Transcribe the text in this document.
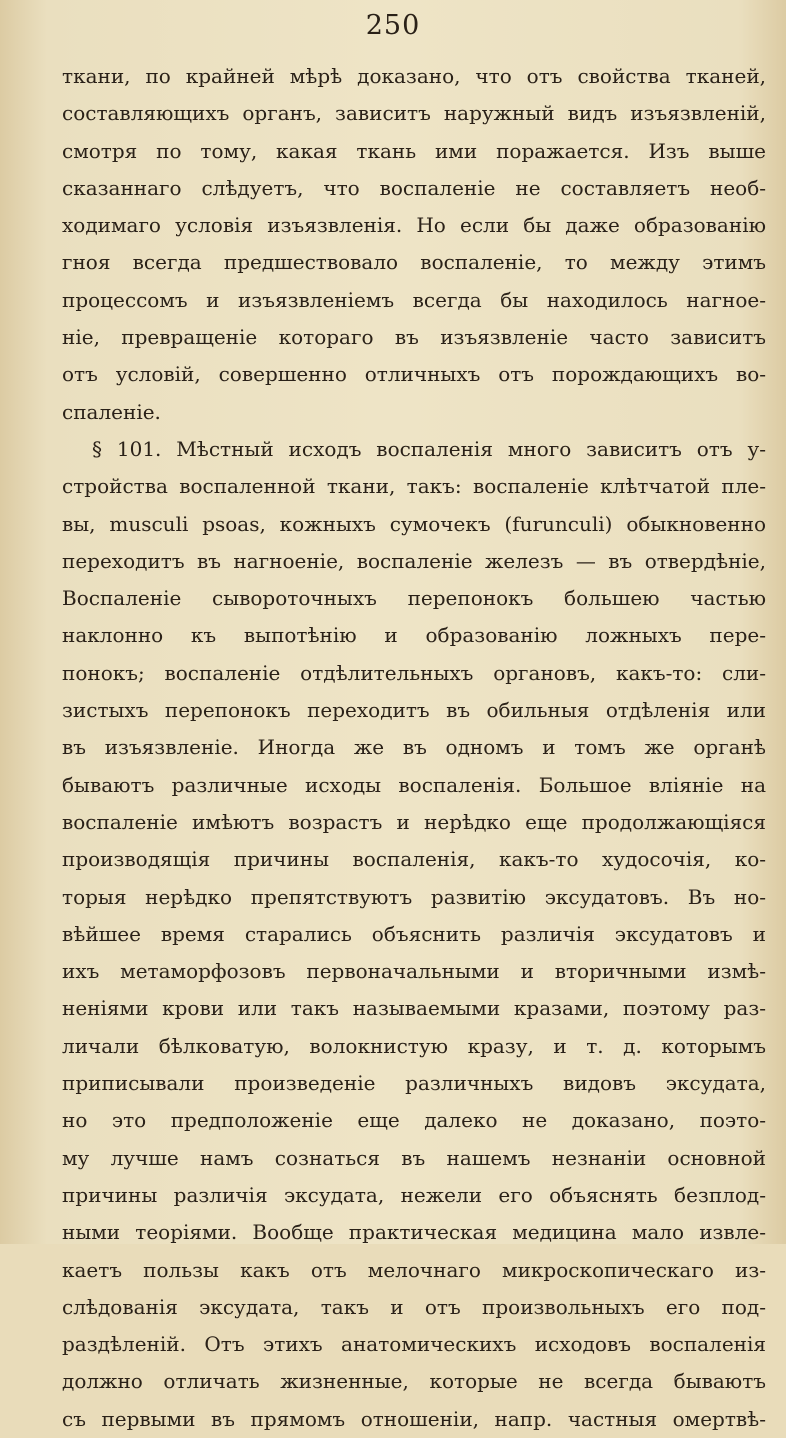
250
ткани, по крайней мѣрѣ доказано, что отъ свойства тканей,
составляющихъ органъ, зависитъ наружный видъ изъязвленій,
смотря по тому, какая ткань ими поражается. Изъ выше
сказаннаго слѣдуетъ, что воспаленіе не составляетъ необ-
ходимаго условія изъязвленія. Но если бы даже образованію
гноя всегда предшествовало воспаленіе, то между этимъ
процессомъ и изъязвленіемъ всегда бы находилось нагное-
ніе, превращеніе котораго въ изъязвленіе часто зависитъ
отъ условій, совершенно отличныхъ отъ порождающихъ во-
спаленіе.
§ 101. Мѣстный исходъ воспаленія много зависитъ отъ у-
стройства воспаленной ткани, такъ: воспаленіе клѣтчатой пле-
вы, musculi psoas, кожныхъ сумочекъ (furunculi) обыкновенно
переходитъ въ нагноеніе, воспаленіе железъ — въ отвердѣніе,
Воспаленіе сывороточныхъ перепонокъ большею частью
наклонно къ выпотѣнію и образованію ложныхъ пере-
понокъ; воспаленіе отдѣлительныхъ органовъ, какъ-то: сли-
зистыхъ перепонокъ переходитъ въ обильныя отдѣленія или
въ изъязвленіе. Иногда же въ одномъ и томъ же органѣ
бываютъ различные исходы воспаленія. Большое вліяніе на
воспаленіе имѣютъ возрастъ и нерѣдко еще продолжающіяся
производящія причины воспаленія, какъ-то худосочія, ко-
торыя нерѣдко препятствуютъ развитію эксудатовъ. Въ но-
вѣйшее время старались объяснить различія эксудатовъ и
ихъ метаморфозовъ первоначальными и вторичными измѣ-
неніями крови или такъ называемыми кразами, поэтому раз-
личали бѣлковатую, волокнистую кразу, и т. д. которымъ
приписывали произведеніе различныхъ видовъ эксудата,
но это предположеніе еще далеко не доказано, поэто-
му лучше намъ сознаться въ нашемъ незнаніи основной
причины различія эксудата, нежели его объяснять безплод-
ными теоріями. Вообще практическая медицина мало извле-
каетъ пользы какъ отъ мелочнаго микроскопическаго из-
слѣдованія эксудата, такъ и отъ произвольныхъ его под-
раздѣленій. Отъ этихъ анатомическихъ исходовъ воспаленія
должно отличать жизненные, которые не всегда бываютъ
съ первыми въ прямомъ отношеніи, напр. частныя омертвѣ-
